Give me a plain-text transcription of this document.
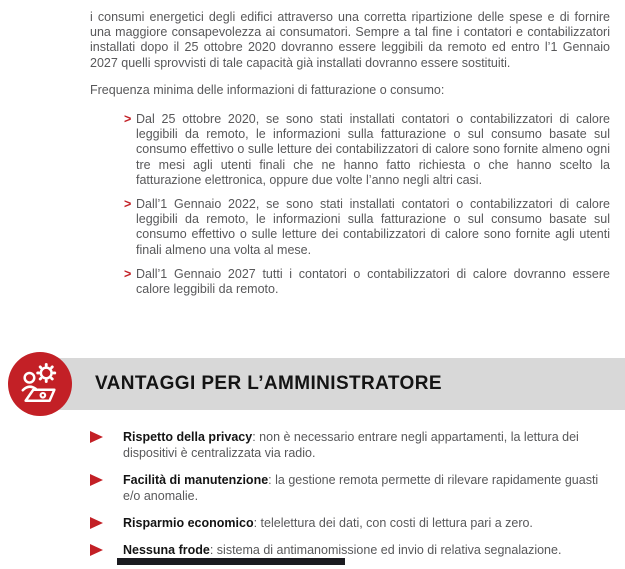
i consumi energetici degli edifici attraverso una corretta ripartizione delle spese e di fornire una maggiore consapevolezza ai consumatori. Sempre a tal fine i contatori e contabilizzatori installati dopo il 25 ottobre 2020 dovranno essere leggibili da remoto ed entro l’1 Gennaio 2027 quelli sprovvisti di tale capacità già installati dovranno essere sostituiti.

Frequenza minima delle informazioni di fatturazione o consumo:

> Dal 25 ottobre 2020, se sono stati installati contatori o contabilizzatori di calore leggibili da remoto, le informazioni sulla fatturazione o sul consumo basate sul consumo effettivo o sulle letture dei contabilizzatori di calore sono fornite almeno ogni tre mesi agli utenti finali che ne hanno fatto richiesta o che hanno scelto la fatturazione elettronica, oppure due volte l’anno negli altri casi.
> Dall’1 Gennaio 2022, se sono stati installati contatori o contabilizzatori di calore leggibili da remoto, le informazioni sulla fatturazione o sul consumo basate sul consumo effettivo o sulle letture dei contabilizzatori di calore sono fornite agli utenti finali almeno una volta al mese.
> Dall’1 Gennaio 2027 tutti i contatori o contabilizzatori di calore dovranno essere calore leggibili da remoto.
VANTAGGI PER L’AMMINISTRATORE

Rispetto della privacy: non è necessario entrare negli appartamenti, la lettura dei dispositivi è centralizzata via radio.

Facilità di manutenzione: la gestione remota permette di rilevare rapidamente guasti e/o anomalie.

Risparmio economico: telelettura dei dati, con costi di lettura pari a zero.

Nessuna frode: sistema di antimanomissione ed invio di relativa segnalazione.
